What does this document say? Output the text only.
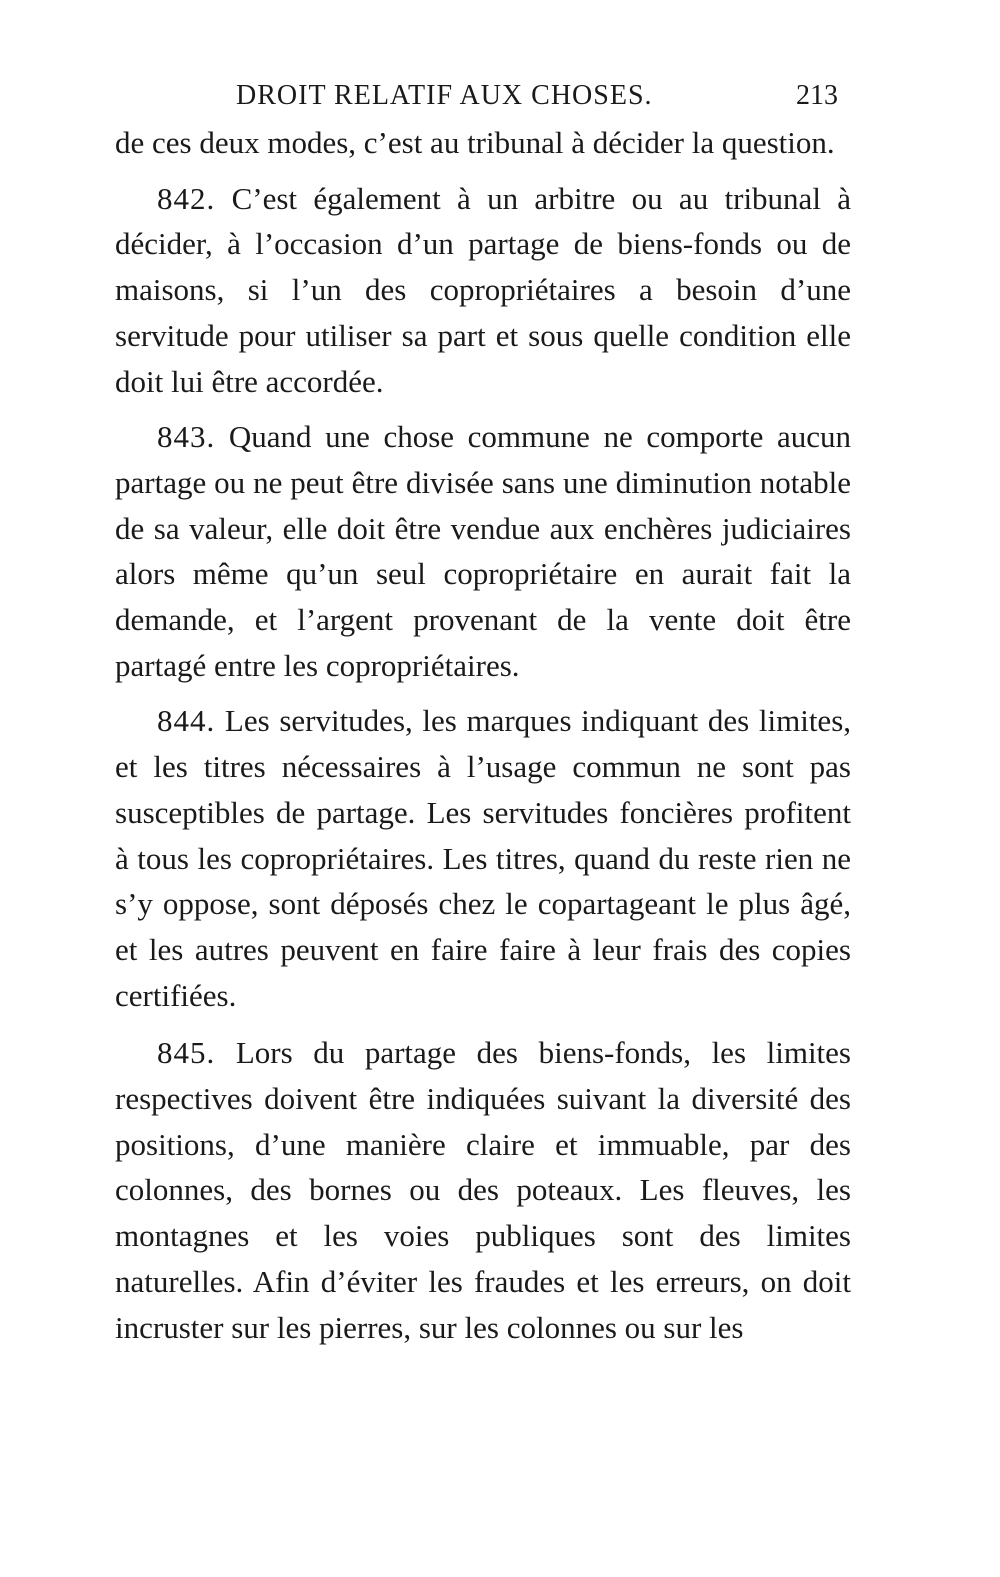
DROIT RELATIF AUX CHOSES.	213

de ces deux modes, c’est au tribunal à décider la question.

842. C’est également à un arbitre ou au tribunal à décider, à l’occasion d’un partage de biens-fonds ou de maisons, si l’un des copropriétaires a besoin d’une servitude pour utiliser sa part et sous quelle condition elle doit lui être accordée.

843. Quand une chose commune ne comporte aucun partage ou ne peut être divisée sans une diminution notable de sa valeur, elle doit être vendue aux enchères judiciaires alors même qu’un seul copropriétaire en aurait fait la demande, et l’argent provenant de la vente doit être partagé entre les copropriétaires.

844. Les servitudes, les marques indiquant des limites, et les titres nécessaires à l’usage commun ne sont pas susceptibles de partage. Les servitudes foncières profitent à tous les copropriétaires. Les titres, quand du reste rien ne s’y oppose, sont déposés chez le copartageant le plus âgé, et les autres peuvent en faire faire à leur frais des copies certifiées.

845. Lors du partage des biens-fonds, les limites respectives doivent être indiquées suivant la diversité des positions, d’une manière claire et immuable, par des colonnes, des bornes ou des poteaux. Les fleuves, les montagnes et les voies publiques sont des limites naturelles. Afin d’éviter les fraudes et les erreurs, on doit incruster sur les pierres, sur les colonnes ou sur les
